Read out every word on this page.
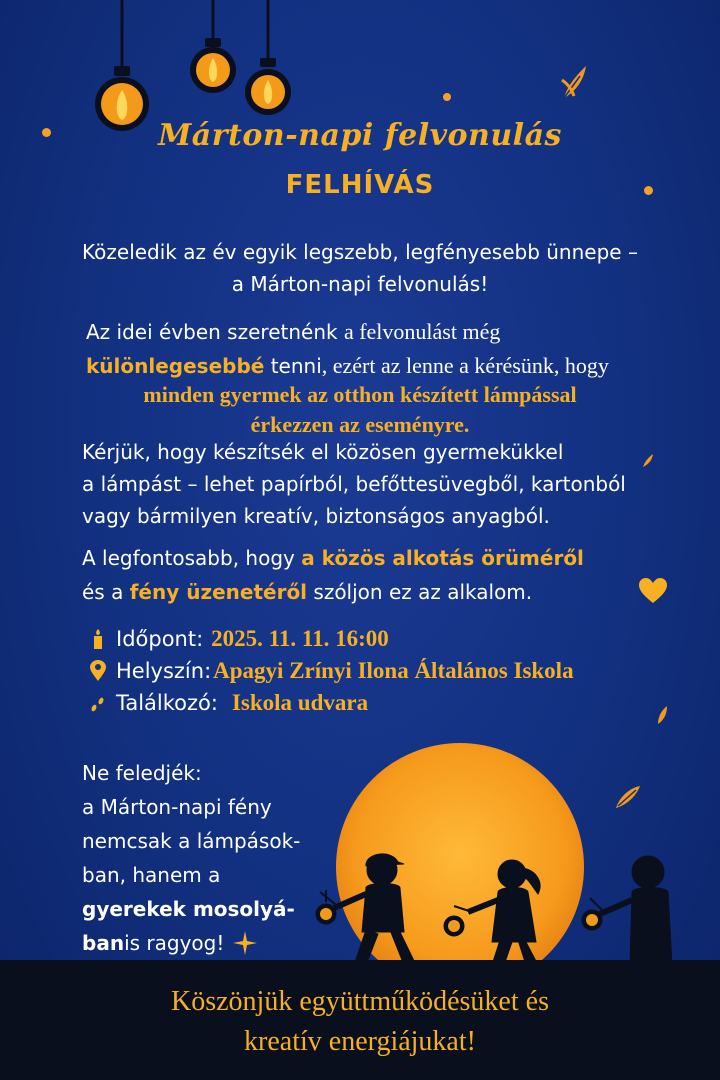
Márton-napi felvonulás
FELHÍVÁS
Közeledik az év egyik legszebb, legfényesebb ünnepe –
a Márton-napi felvonulás!
Az idei évben szeretnénk a felvonulást még
különlegesebbé tenni, ezért az lenne a kérésünk, hogy
minden gyermek az otthon készített lámpással
érkezzen az eseményre.
Kérjük, hogy készítsék el közösen gyermekükkel
a lámpást – lehet papírból, befőttesüvegből, kartonból
vagy bármilyen kreatív, biztonságos anyagból.
A legfontosabb, hogy a közös alkotás örüméről
és a fény üzenetéről szóljon ez az alkalom.
Időpont: 2025. 11. 11. 16:00
Helyszín: Apagyi Zrínyi Ilona Általános Iskola
Találkozó: Iskola udvara
Ne feledjék:
a Márton-napi fény
nemcsak a lámpások-
ban, hanem a
gyerekek mosolyá-
ban is ragyog!
Köszönjük együttműködésüket és
kreatív energiájukat!
